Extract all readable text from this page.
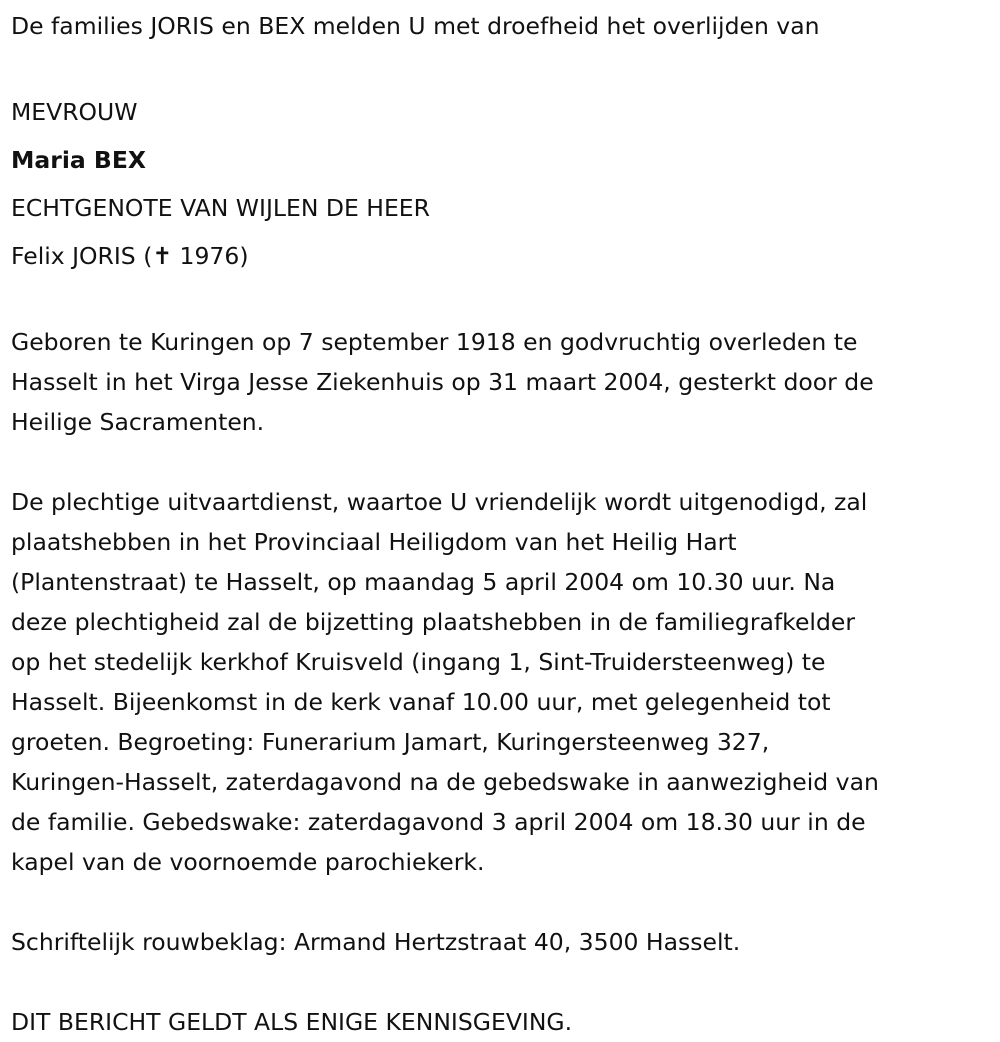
De families JORIS en BEX melden U met droefheid het overlijden van

MEVROUW

Maria BEX

ECHTGENOTE VAN WIJLEN DE HEER

Felix JORIS (✝ 1976)

Geboren te Kuringen op 7 september 1918 en godvruchtig overleden te
Hasselt in het Virga Jesse Ziekenhuis op 31 maart 2004, gesterkt door de
Heilige Sacramenten.

De plechtige uitvaartdienst, waartoe U vriendelijk wordt uitgenodigd, zal
plaatshebben in het Provinciaal Heiligdom van het Heilig Hart
(Plantenstraat) te Hasselt, op maandag 5 april 2004 om 10.30 uur. Na
deze plechtigheid zal de bijzetting plaatshebben in de familiegrafkelder
op het stedelijk kerkhof Kruisveld (ingang 1, Sint-Truidersteenweg) te
Hasselt. Bijeenkomst in de kerk vanaf 10.00 uur, met gelegenheid tot
groeten. Begroeting: Funerarium Jamart, Kuringersteenweg 327,
Kuringen-Hasselt, zaterdagavond na de gebedswake in aanwezigheid van
de familie. Gebedswake: zaterdagavond 3 april 2004 om 18.30 uur in de
kapel van de voornoemde parochiekerk.

Schriftelijk rouwbeklag: Armand Hertzstraat 40, 3500 Hasselt.

DIT BERICHT GELDT ALS ENIGE KENNISGEVING.
